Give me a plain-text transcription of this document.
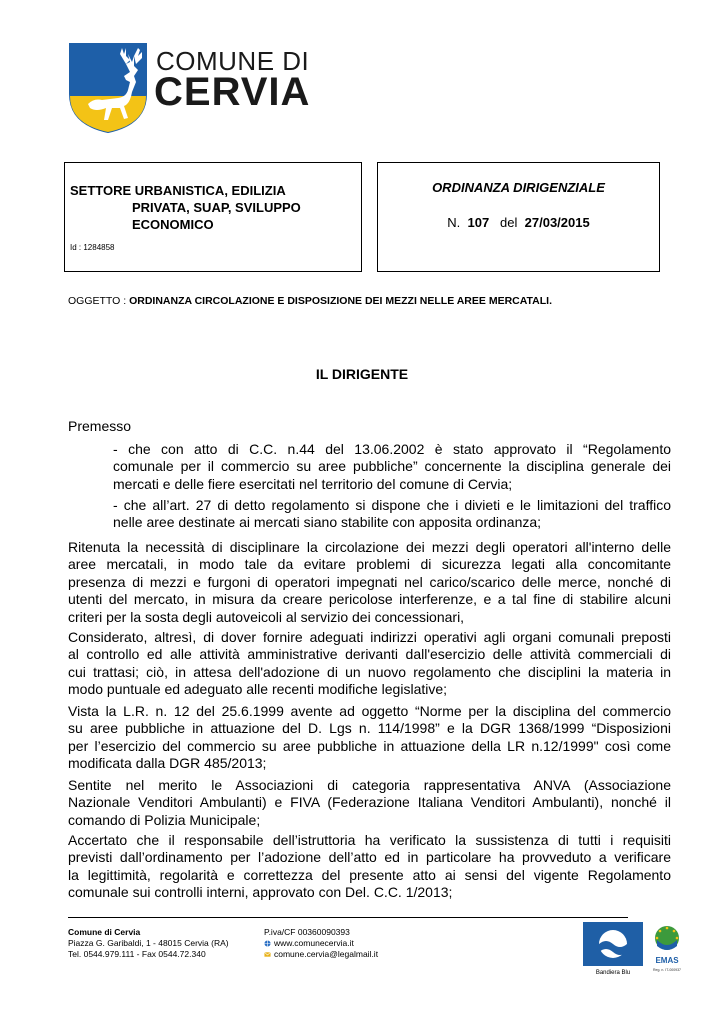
COMUNE DI
CERVIA
SETTORE URBANISTICA, EDILIZIA
PRIVATA, SUAP, SVILUPPO
ECONOMICO
Id : 1284858
ORDINANZA DIRIGENZIALE
N. 107 del 27/03/2015
OGGETTO : ORDINANZA CIRCOLAZIONE E DISPOSIZIONE DEI MEZZI NELLE AREE MERCATALI.
IL DIRIGENTE
Premesso
- che con atto di C.C. n.44 del 13.06.2002 è stato approvato il “Regolamento
comunale per il commercio su aree pubbliche” concernente la disciplina generale dei
mercati e delle fiere esercitati nel territorio del comune di Cervia;
- che all’art. 27 di detto regolamento si dispone che i divieti e le limitazioni del traffico
nelle aree destinate ai mercati siano stabilite con apposita ordinanza;
Ritenuta la necessità di disciplinare la circolazione dei mezzi degli operatori all'interno delle
aree mercatali, in modo tale da evitare problemi di sicurezza legati alla concomitante
presenza di mezzi e furgoni di operatori impegnati nel carico/scarico delle merce, nonché di
utenti del mercato, in misura da creare pericolose interferenze, e a tal fine di stabilire alcuni
criteri per la sosta degli autoveicoli al servizio dei concessionari,
Considerato, altresì, di dover fornire adeguati indirizzi operativi agli organi comunali preposti
al controllo ed alle attività amministrative derivanti dall'esercizio delle attività commerciali di
cui trattasi; ciò, in attesa dell'adozione di un nuovo regolamento che disciplini la materia in
modo puntuale ed adeguato alle recenti modifiche legislative;
Vista la L.R. n. 12 del 25.6.1999 avente ad oggetto “Norme per la disciplina del commercio
su aree pubbliche in attuazione del D. Lgs n. 114/1998” e la DGR 1368/1999 “Disposizioni
per l’esercizio del commercio su aree pubbliche in attuazione della LR n.12/1999" così come
modificata dalla DGR 485/2013;
Sentite nel merito le Associazioni di categoria rappresentativa ANVA (Associazione
Nazionale Venditori Ambulanti) e FIVA (Federazione Italiana Venditori Ambulanti), nonché il
comando di Polizia Municipale;
Accertato che il responsabile dell’istruttoria ha verificato la sussistenza di tutti i requisiti
previsti dall’ordinamento per l’adozione dell’atto ed in particolare ha provveduto a verificare
la legittimità, regolarità e correttezza del presente atto ai sensi del vigente Regolamento
comunale sui controlli interni, approvato con Del. C.C. 1/2013;
Comune di Cervia
Piazza G. Garibaldi, 1 - 48015 Cervia (RA)
Tel. 0544.979.111 - Fax 0544.72.340
P.iva/CF 00360090393
www.comunecervia.it
comune.cervia@legalmail.it
Bandiera Blu
EMAS
Reg. n. IT-000937
